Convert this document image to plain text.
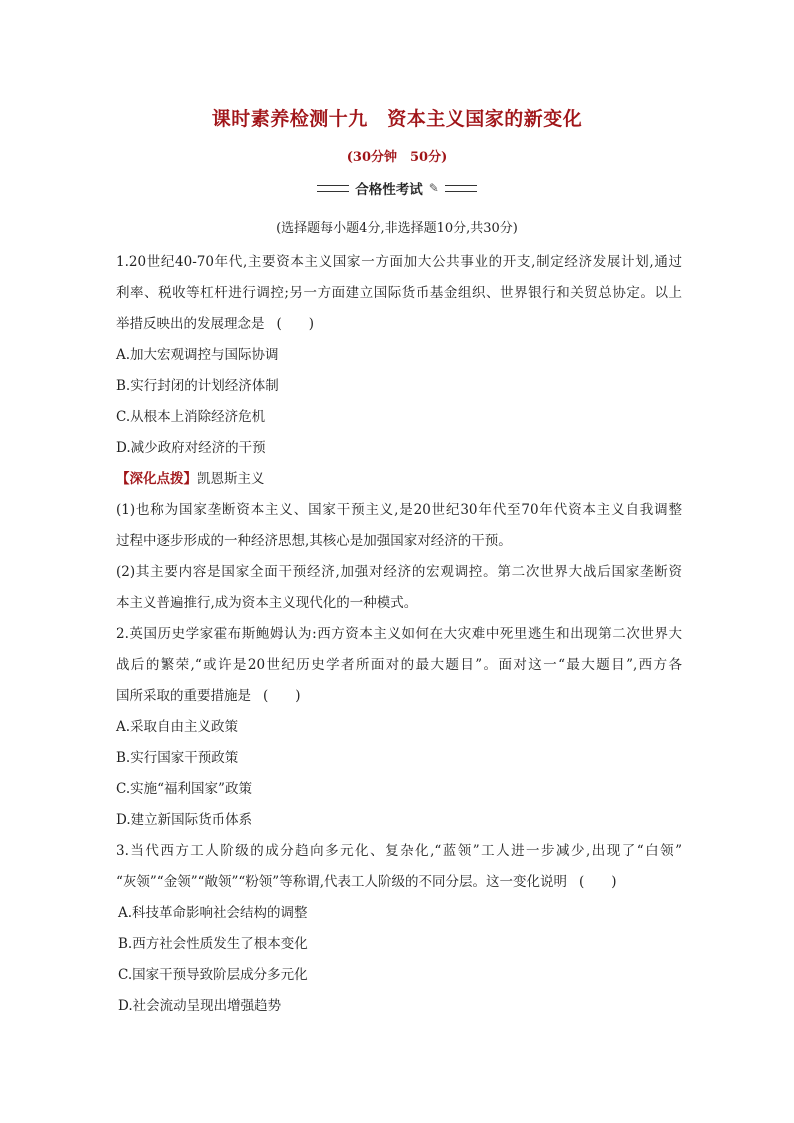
课时素养检测十九　资本主义国家的新变化
(30分钟　50分)
合格性考试 ✎
(选择题每小题4分,非选择题10分,共30分)
1.20世纪40-70年代,主要资本主义国家一方面加大公共事业的开支,制定经济发展计划,通过
利率、税收等杠杆进行调控;另一方面建立国际货币基金组织、世界银行和关贸总协定。以上
举措反映出的发展理念是 (　　)
A.加大宏观调控与国际协调
B.实行封闭的计划经济体制
C.从根本上消除经济危机
D.减少政府对经济的干预
【深化点拨】凯恩斯主义
(1)也称为国家垄断资本主义、国家干预主义,是20世纪30年代至70年代资本主义自我调整
过程中逐步形成的一种经济思想,其核心是加强国家对经济的干预。
(2)其主要内容是国家全面干预经济,加强对经济的宏观调控。第二次世界大战后国家垄断资
本主义普遍推行,成为资本主义现代化的一种模式。
2.英国历史学家霍布斯鲍姆认为:西方资本主义如何在大灾难中死里逃生和出现第二次世界大
战后的繁荣,“或许是20世纪历史学者所面对的最大题目”。面对这一“最大题目”,西方各
国所采取的重要措施是 (　　)
A.采取自由主义政策
B.实行国家干预政策
C.实施“福利国家”政策
D.建立新国际货币体系
3.当代西方工人阶级的成分趋向多元化、复杂化,“蓝领”工人进一步减少,出现了“白领”
“灰领”“金领”“敞领”“粉领”等称谓,代表工人阶级的不同分层。这一变化说明 (　　)
A.科技革命影响社会结构的调整
B.西方社会性质发生了根本变化
C.国家干预导致阶层成分多元化
D.社会流动呈现出增强趋势
